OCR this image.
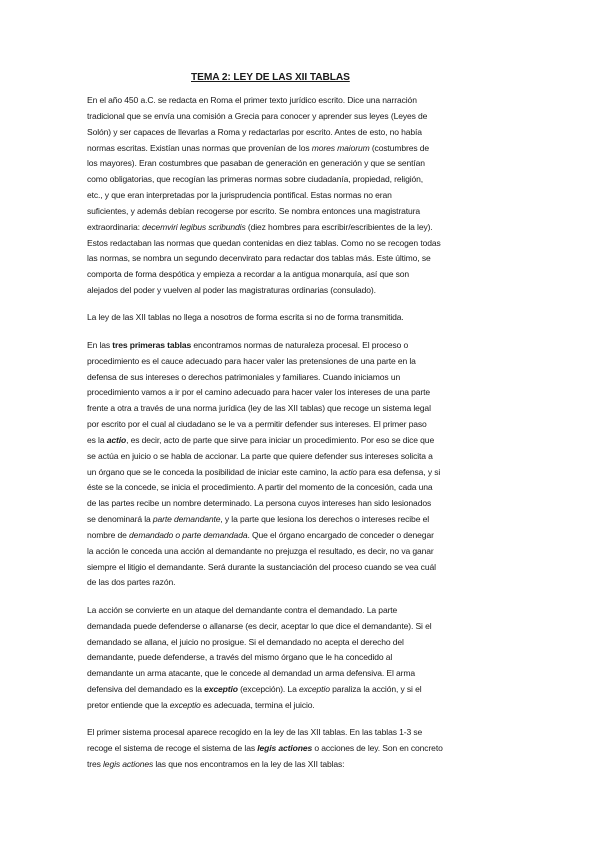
TEMA 2: LEY DE LAS XII TABLAS

En el año 450 a.C. se redacta en Roma el primer texto jurídico escrito. Dice una narración
tradicional que se envía una comisión a Grecia para conocer y aprender sus leyes (Leyes de
Solón) y ser capaces de llevarlas a Roma y redactarlas por escrito. Antes de esto, no había
normas escritas. Existían unas normas que provenían de los mores maiorum (costumbres de
los mayores). Eran costumbres que pasaban de generación en generación y que se sentían
como obligatorias, que recogían las primeras normas sobre ciudadanía, propiedad, religión,
etc., y que eran interpretadas por la jurisprudencia pontifical. Estas normas no eran
suficientes, y además debían recogerse por escrito. Se nombra entonces una magistratura
extraordinaria: decemviri legibus scribundis (diez hombres para escribir/escribientes de la ley).
Estos redactaban las normas que quedan contenidas en diez tablas. Como no se recogen todas
las normas, se nombra un segundo decenvirato para redactar dos tablas más. Este último, se
comporta de forma despótica y empieza a recordar a la antigua monarquía, así que son
alejados del poder y vuelven al poder las magistraturas ordinarias (consulado).

La ley de las XII tablas no llega a nosotros de forma escrita si no de forma transmitida.

En las tres primeras tablas encontramos normas de naturaleza procesal. El proceso o
procedimiento es el cauce adecuado para hacer valer las pretensiones de una parte en la
defensa de sus intereses o derechos patrimoniales y familiares. Cuando iniciamos un
procedimiento vamos a ir por el camino adecuado para hacer valer los intereses de una parte
frente a otra a través de una norma jurídica (ley de las XII tablas) que recoge un sistema legal
por escrito por el cual al ciudadano se le va a permitir defender sus intereses. El primer paso
es la actio, es decir, acto de parte que sirve para iniciar un procedimiento. Por eso se dice que
se actúa en juicio o se habla de accionar. La parte que quiere defender sus intereses solicita a
un órgano que se le conceda la posibilidad de iniciar este camino, la actio para esa defensa, y si
éste se la concede, se inicia el procedimiento. A partir del momento de la concesión, cada una
de las partes recibe un nombre determinado. La persona cuyos intereses han sido lesionados
se denominará la parte demandante, y la parte que lesiona los derechos o intereses recibe el
nombre de demandado o parte demandada. Que el órgano encargado de conceder o denegar
la acción le conceda una acción al demandante no prejuzga el resultado, es decir, no va ganar
siempre el litigio el demandante. Será durante la sustanciación del proceso cuando se vea cuál
de las dos partes razón.

La acción se convierte en un ataque del demandante contra el demandado. La parte
demandada puede defenderse o allanarse (es decir, aceptar lo que dice el demandante). Si el
demandado se allana, el juicio no prosigue. Si el demandado no acepta el derecho del
demandante, puede defenderse, a través del mismo órgano que le ha concedido al
demandante un arma atacante, que le concede al demandad un arma defensiva. El arma
defensiva del demandado es la exceptio (excepción). La exceptio paraliza la acción, y si el
pretor entiende que la exceptio es adecuada, termina el juicio.

El primer sistema procesal aparece recogido en la ley de las XII tablas. En las tablas 1-3 se
recoge el sistema de recoge el sistema de las legis actiones o acciones de ley. Son en concreto
tres legis actiones las que nos encontramos en la ley de las XII tablas:
